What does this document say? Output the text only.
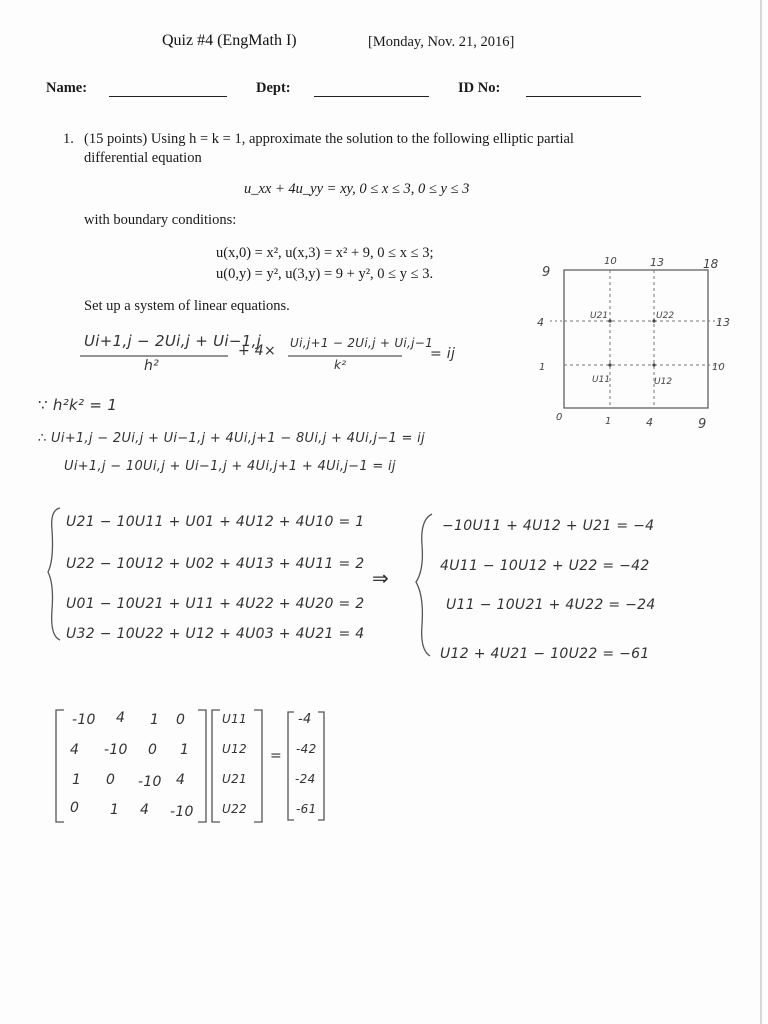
Quiz #4 (EngMath I)	[Monday, Nov. 21, 2016]
Name:	Dept:	ID No:
1. (15 points) Using h = k = 1, approximate the solution to the following elliptic partial
differential equation
u_xx + 4u_yy = xy, 0 ≤ x ≤ 3, 0 ≤ y ≤ 3
with boundary conditions:
u(x,0) = x², u(x,3) = x² + 9, 0 ≤ x ≤ 3;
u(0,y) = y², u(3,y) = 9 + y², 0 ≤ y ≤ 3.
Set up a system of linear equations.
10	13	18
9
4
1
13
10
0	1	4	9
U21	U22
U11	U12
Ui+1,j − 2Ui,j + Ui−1,j
h²
+ 4× Ui,j+1 − 2Ui,j + Ui,j−1
k²
= ij
∵ h²k² = 1
∴ Ui+1,j − 2Ui,j + Ui−1,j + 4Ui,j+1 − 8Ui,j + 4Ui,j−1 = ij
Ui+1,j − 10Ui,j + Ui−1,j + 4Ui,j+1 + 4Ui,j−1 = ij
U21 − 10U11 + U01 + 4U12 + 4U10 = 1
U22 − 10U12 + U02 + 4U13 + 4U11 = 2
U01 − 10U21 + U11 + 4U22 + 4U20 = 2
U32 − 10U22 + U12 + 4U03 + 4U21 = 4
⇒
−10U11 + 4U12 + U21 = −4
4U11 − 10U12 + U22 = −42
U11 − 10U21 + 4U22 = −24
U12 + 4U21 − 10U22 = −61
-10 4 1 0
4 -10 0 1
1 0 -10 4
0 1 4 -10
U11
U12
U21
U22
=
-4
-42
-24
-61
